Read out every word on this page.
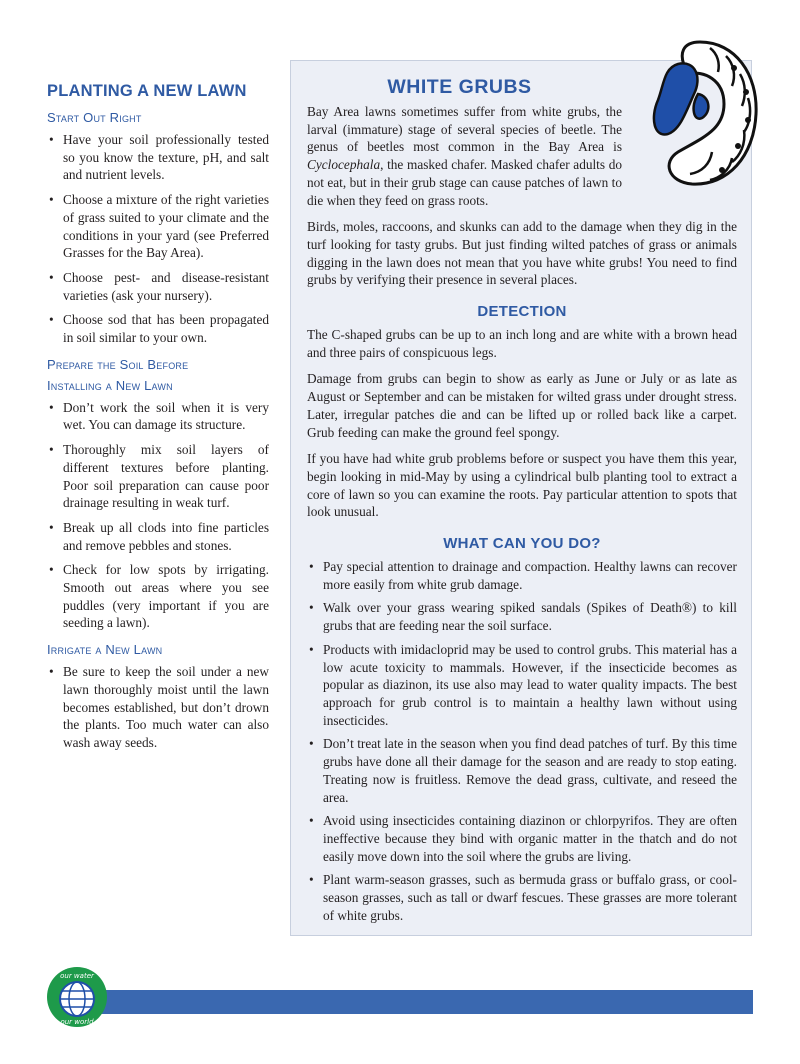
PLANTING A NEW LAWN
Start Out Right
• Have your soil professionally tested so you know the texture, pH, and salt and nutrient levels.
• Choose a mixture of the right varieties of grass suited to your climate and the conditions in your yard (see Preferred Grasses for the Bay Area).
• Choose pest- and disease-resistant varieties (ask your nursery).
• Choose sod that has been propagated in soil similar to your own.
Prepare the Soil Before
Installing a New Lawn
• Don’t work the soil when it is very wet. You can damage its structure.
• Thoroughly mix soil layers of different textures before planting. Poor soil preparation can cause poor drainage resulting in weak turf.
• Break up all clods into fine particles and remove pebbles and stones.
• Check for low spots by irrigating. Smooth out areas where you see puddles (very important if you are seeding a lawn).
Irrigate a New Lawn
• Be sure to keep the soil under a new lawn thoroughly moist until the lawn becomes established, but don’t drown the plants. Too much water can also wash away seeds.
WHITE GRUBS

Bay Area lawns sometimes suffer from white grubs, the larval (immature) stage of several species of beetle. The genus of beetles most common in the Bay Area is Cyclocephala, the masked chafer. Masked chafer adults do not eat, but in their grub stage can cause patches of lawn to die when they feed on grass roots.

Birds, moles, raccoons, and skunks can add to the damage when they dig in the turf looking for tasty grubs. But just finding wilted patches of grass or animals digging in the lawn does not mean that you have white grubs! You need to find grubs by verifying their presence in several places.

DETECTION

The C-shaped grubs can be up to an inch long and are white with a brown head and three pairs of conspicuous legs.

Damage from grubs can begin to show as early as June or July or as late as August or September and can be mistaken for wilted grass under drought stress. Later, irregular patches die and can be lifted up or rolled back like a carpet. Grub feeding can make the ground feel spongy.

If you have had white grub problems before or suspect you have them this year, begin looking in mid-May by using a cylindrical bulb planting tool to extract a core of lawn so you can examine the roots. Pay particular attention to spots that look unusual.

WHAT CAN YOU DO?
• Pay special attention to drainage and compaction. Healthy lawns can recover more easily from white grub damage.
• Walk over your grass wearing spiked sandals (Spikes of Death®) to kill grubs that are feeding near the soil surface.
• Products with imidacloprid may be used to control grubs. This material has a low acute toxicity to mammals. However, if the insecticide becomes as popular as diazinon, its use also may lead to water quality impacts. The best approach for grub control is to maintain a healthy lawn without using insecticides.
• Don’t treat late in the season when you find dead patches of turf. By this time grubs have done all their damage for the season and are ready to stop eating. Treating now is fruitless. Remove the dead grass, cultivate, and reseed the area.
• Avoid using insecticides containing diazinon or chlorpyrifos. They are often ineffective because they bind with organic matter in the thatch and do not easily move down into the soil where the grubs are living.
• Plant warm-season grasses, such as bermuda grass or buffalo grass, or cool-season grasses, such as tall or dwarf fescues. These grasses are more tolerant of white grubs.
our water
our world
